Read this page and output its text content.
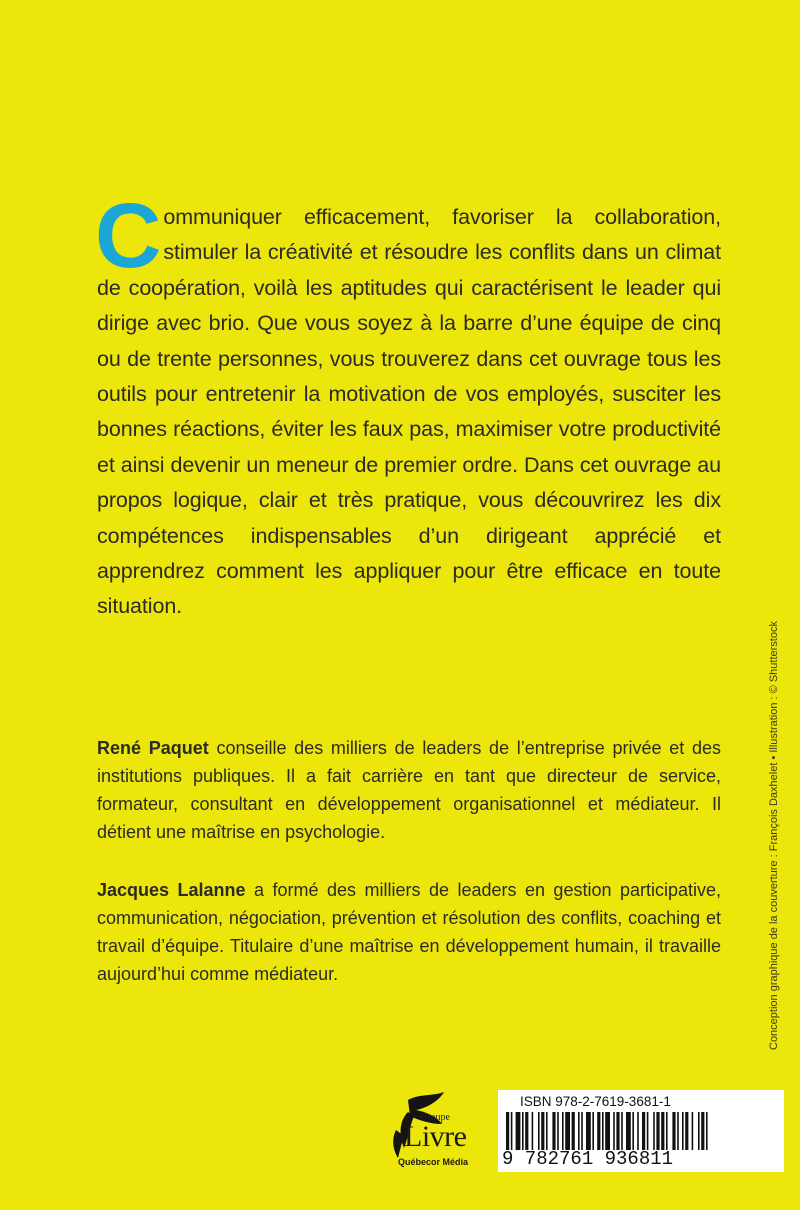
Communiquer efficacement, favoriser la collaboration, stimuler la créativité et résoudre les conflits dans un climat de coopération, voilà les aptitudes qui caractérisent le leader qui dirige avec brio. Que vous soyez à la barre d’une équipe de cinq ou de trente personnes, vous trouverez dans cet ouvrage tous les outils pour entretenir la motivation de vos employés, susciter les bonnes réactions, éviter les faux pas, maximiser votre productivité et ainsi devenir un meneur de premier ordre. Dans cet ouvrage au propos logique, clair et très pratique, vous découvrirez les dix compétences indispensables d’un dirigeant apprécié et apprendrez comment les appliquer pour être efficace en toute situation.
René Paquet conseille des milliers de leaders de l’entreprise privée et des institutions publiques. Il a fait carrière en tant que directeur de service, formateur, consultant en développement organisationnel et médiateur. Il détient une maîtrise en psychologie.
Jacques Lalanne a formé des milliers de leaders en gestion participative, communication, négociation, prévention et résolution des conflits, coaching et travail d’équipe. Titulaire d’une maîtrise en développement humain, il travaille aujourd’hui comme médiateur.	Conception graphique de la couverture : François Daxhelet • Illustration : © Shutterstock
Groupe
Livre
Québecor Média
ISBN 978-2-7619-3681-1
9 782761 936811
